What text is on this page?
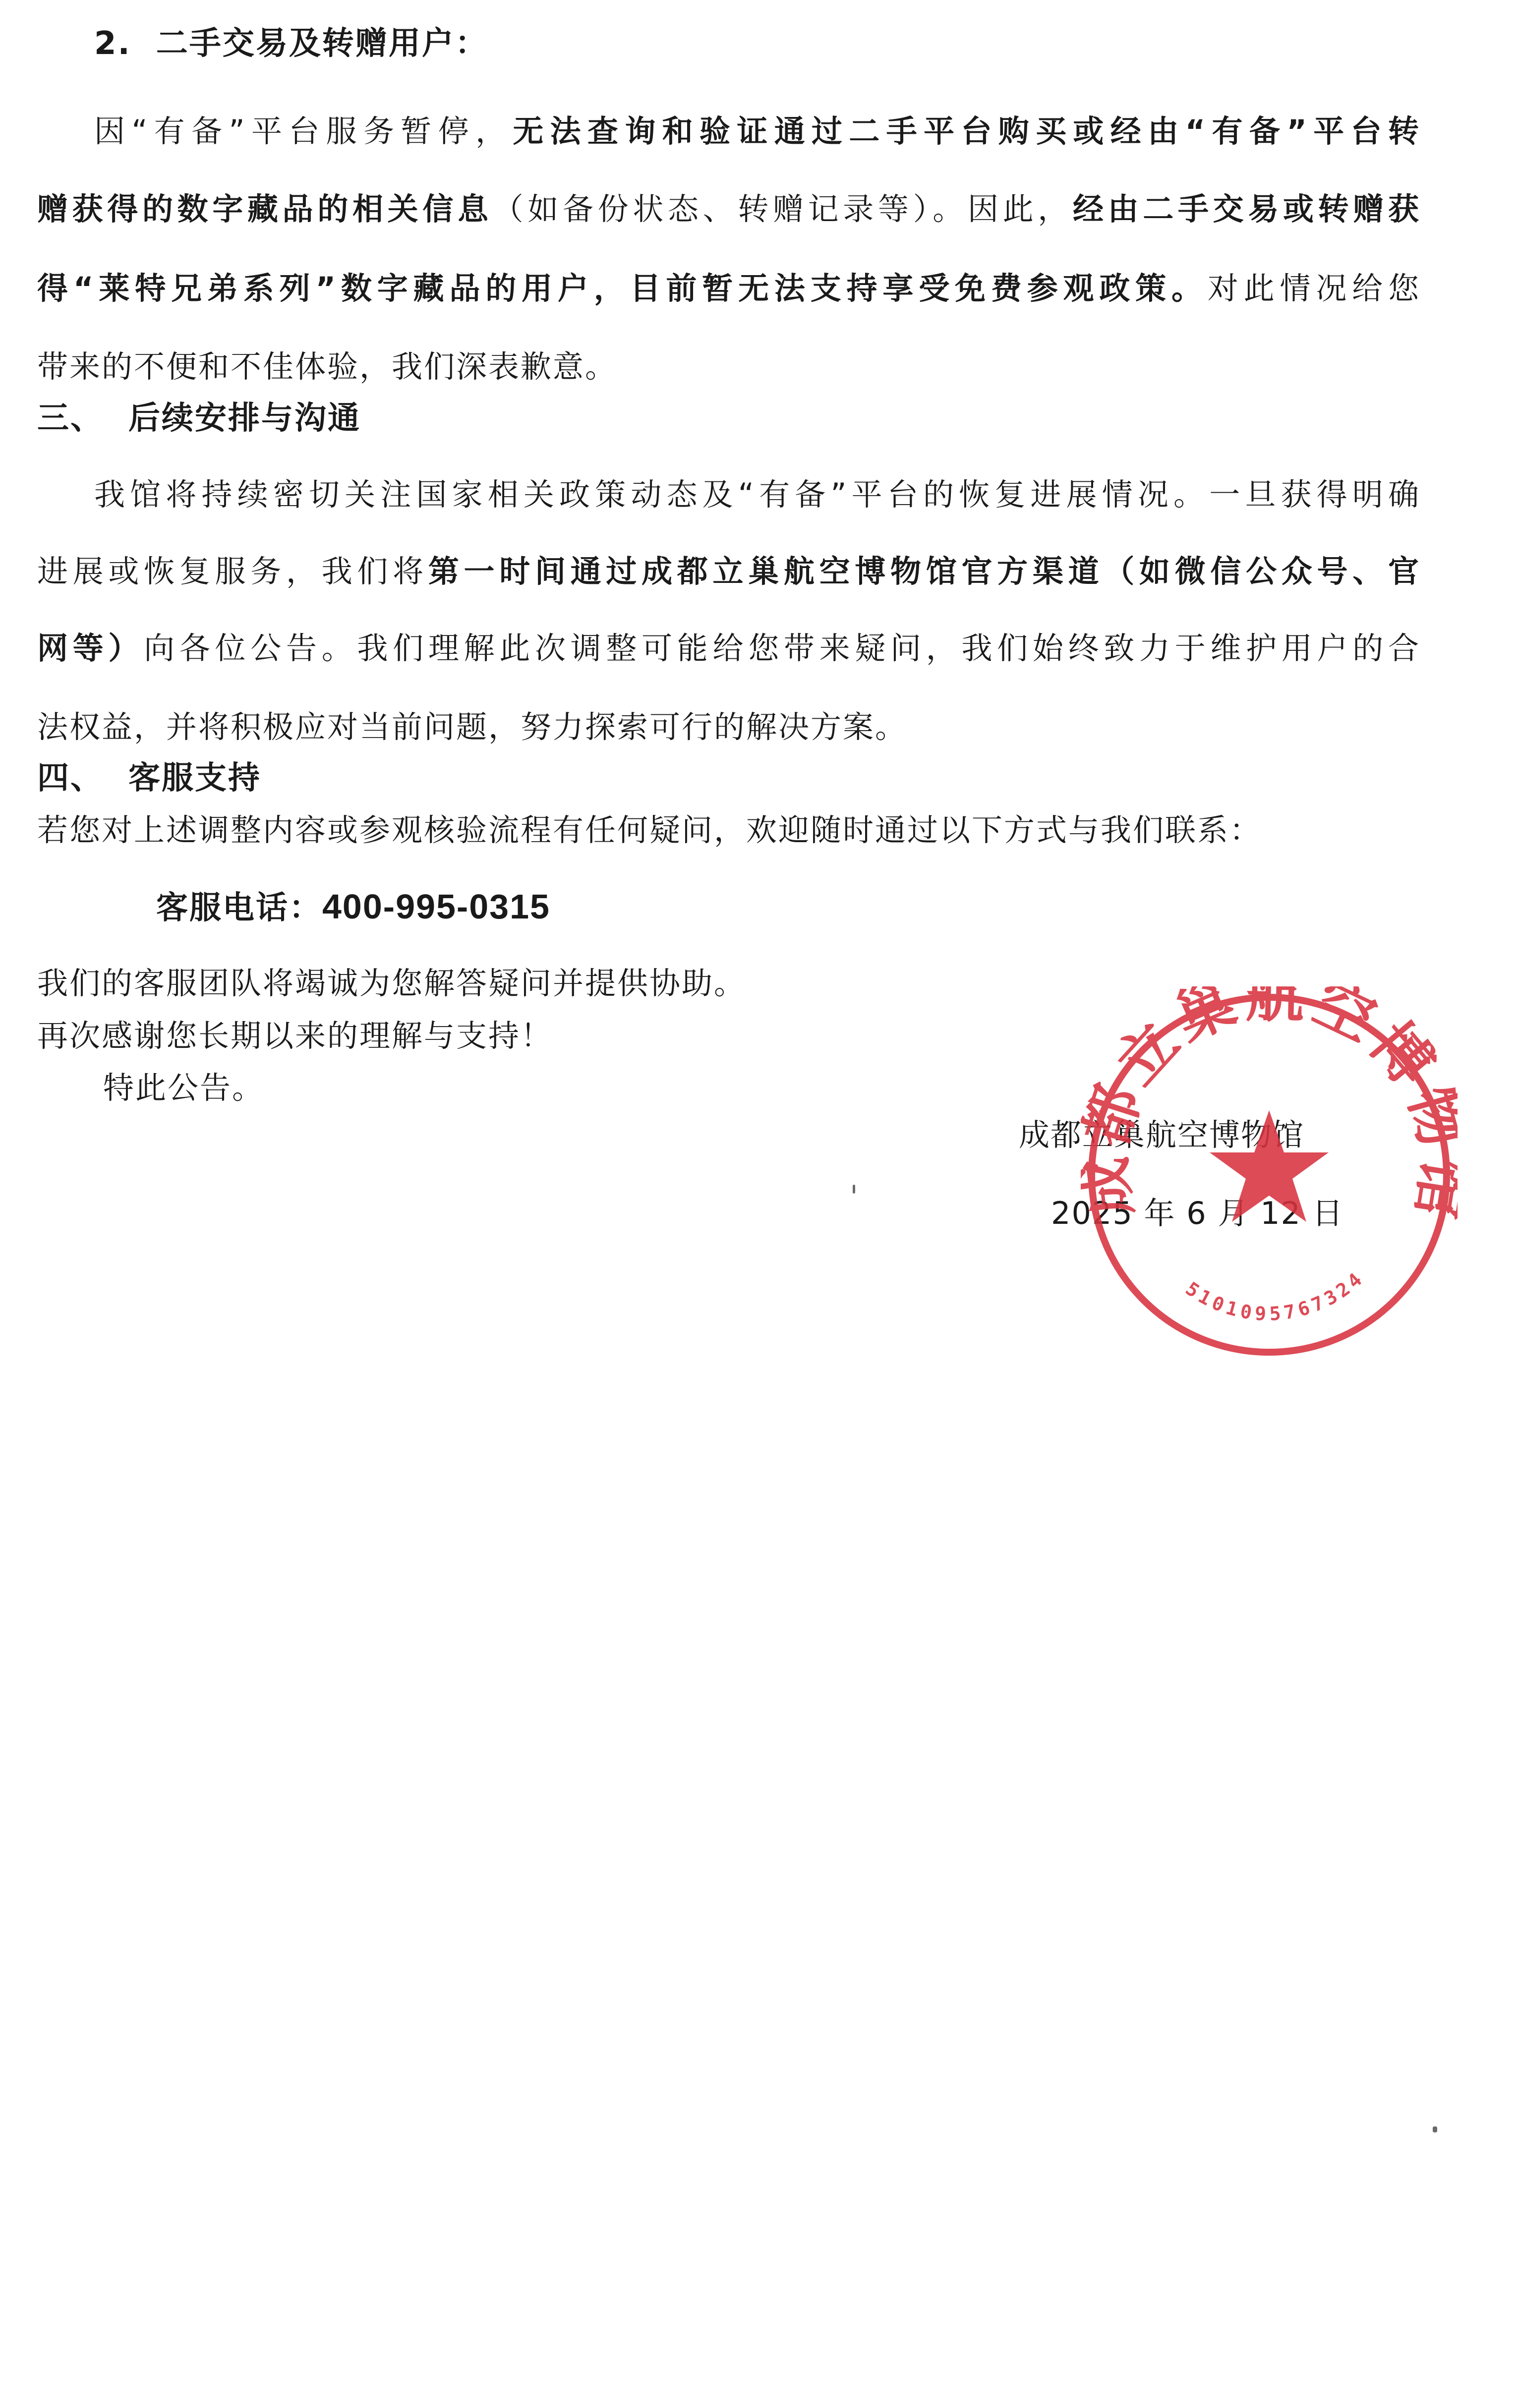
2. 二手交易及转赠用户：
因“有备”平台服务暂停，无法查询和验证通过二手平台购买或经由“有备”平台转
赠获得的数字藏品的相关信息（如备份状态、转赠记录等）。因此，经由二手交易或转赠获
得“莱特兄弟系列”数字藏品的用户，目前暂无法支持享受免费参观政策。对此情况给您
带来的不便和不佳体验，我们深表歉意。
三、 后续安排与沟通
我馆将持续密切关注国家相关政策动态及“有备”平台的恢复进展情况。一旦获得明确
进展或恢复服务，我们将第一时间通过成都立巢航空博物馆官方渠道（如微信公众号、官
网等）向各位公告。我们理解此次调整可能给您带来疑问，我们始终致力于维护用户的合
法权益，并将积极应对当前问题，努力探索可行的解决方案。
四、 客服支持
若您对上述调整内容或参观核验流程有任何疑问，欢迎随时通过以下方式与我们联系：
客服电话：400-995-0315
我们的客服团队将竭诚为您解答疑问并提供协助。
再次感谢您长期以来的理解与支持！
特此公告。
成都立巢航空博物馆
2025 年 6 月 12 日
立巢航空博
5101095767324
